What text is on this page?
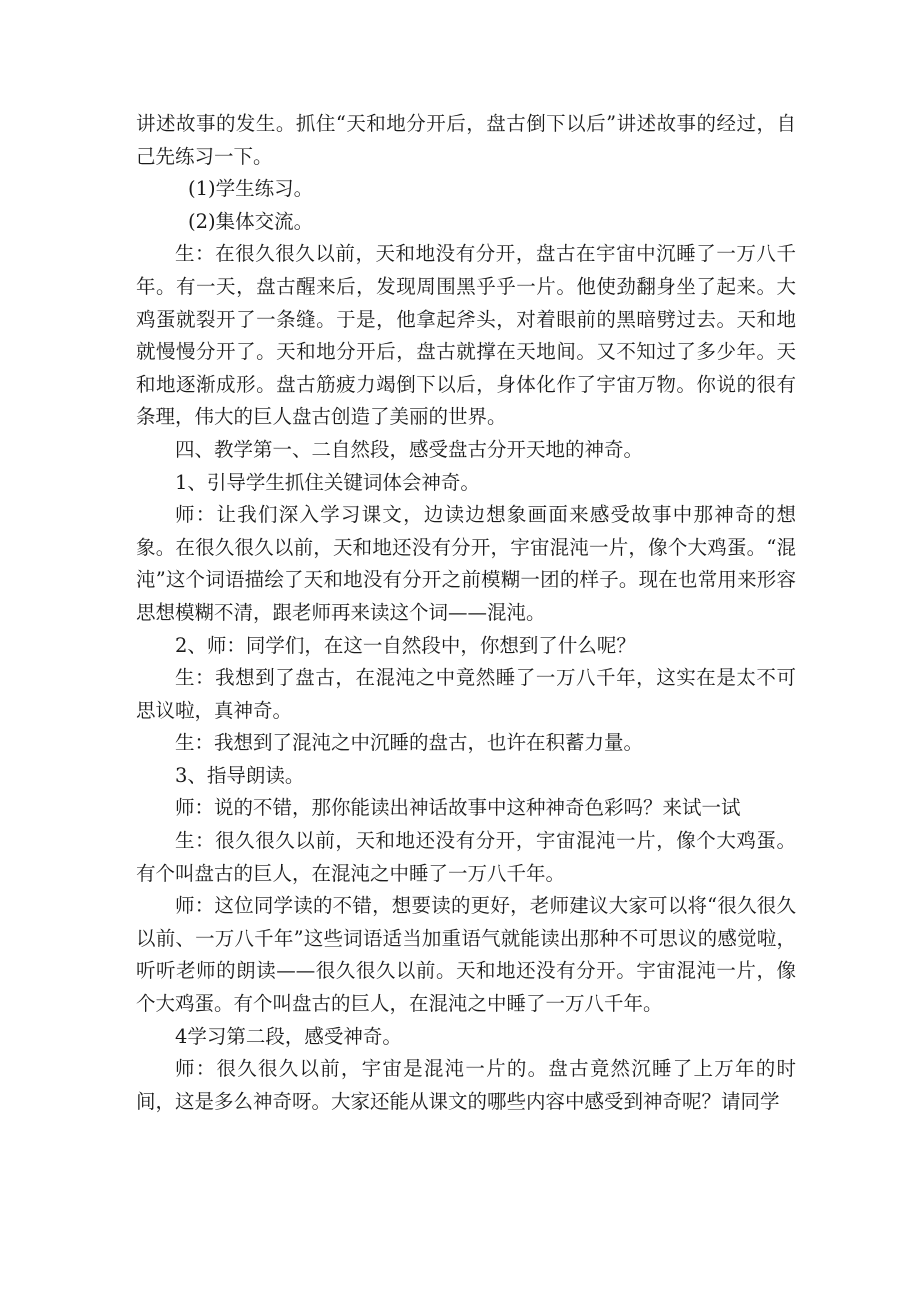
讲述故事的发生。抓住“天和地分开后，盘古倒下以后”讲述故事的经过，自己先练习一下。

(1)学生练习。

(2)集体交流。

生：在很久很久以前，天和地没有分开，盘古在宇宙中沉睡了一万八千年。有一天，盘古醒来后，发现周围黑乎乎一片。他使劲翻身坐了起来。大鸡蛋就裂开了一条缝。于是，他拿起斧头，对着眼前的黑暗劈过去。天和地就慢慢分开了。天和地分开后，盘古就撑在天地间。又不知过了多少年。天和地逐渐成形。盘古筋疲力竭倒下以后，身体化作了宇宙万物。你说的很有条理，伟大的巨人盘古创造了美丽的世界。

四、教学第一、二自然段，感受盘古分开天地的神奇。

1、引导学生抓住关键词体会神奇。

师：让我们深入学习课文，边读边想象画面来感受故事中那神奇的想象。在很久很久以前，天和地还没有分开，宇宙混沌一片，像个大鸡蛋。“混沌”这个词语描绘了天和地没有分开之前模糊一团的样子。现在也常用来形容思想模糊不清，跟老师再来读这个词——混沌。

2、师：同学们，在这一自然段中，你想到了什么呢？

生：我想到了盘古，在混沌之中竟然睡了一万八千年，这实在是太不可思议啦，真神奇。

生：我想到了混沌之中沉睡的盘古，也许在积蓄力量。

3、指导朗读。

师：说的不错，那你能读出神话故事中这种神奇色彩吗？来试一试

生：很久很久以前，天和地还没有分开，宇宙混沌一片，像个大鸡蛋。有个叫盘古的巨人，在混沌之中睡了一万八千年。

师：这位同学读的不错，想要读的更好，老师建议大家可以将“很久很久以前、一万八千年”这些词语适当加重语气就能读出那种不可思议的感觉啦，听听老师的朗读——很久很久以前。天和地还没有分开。宇宙混沌一片，像个大鸡蛋。有个叫盘古的巨人，在混沌之中睡了一万八千年。

4学习第二段，感受神奇。

师：很久很久以前，宇宙是混沌一片的。盘古竟然沉睡了上万年的时间，这是多么神奇呀。大家还能从课文的哪些内容中感受到神奇呢？请同学
